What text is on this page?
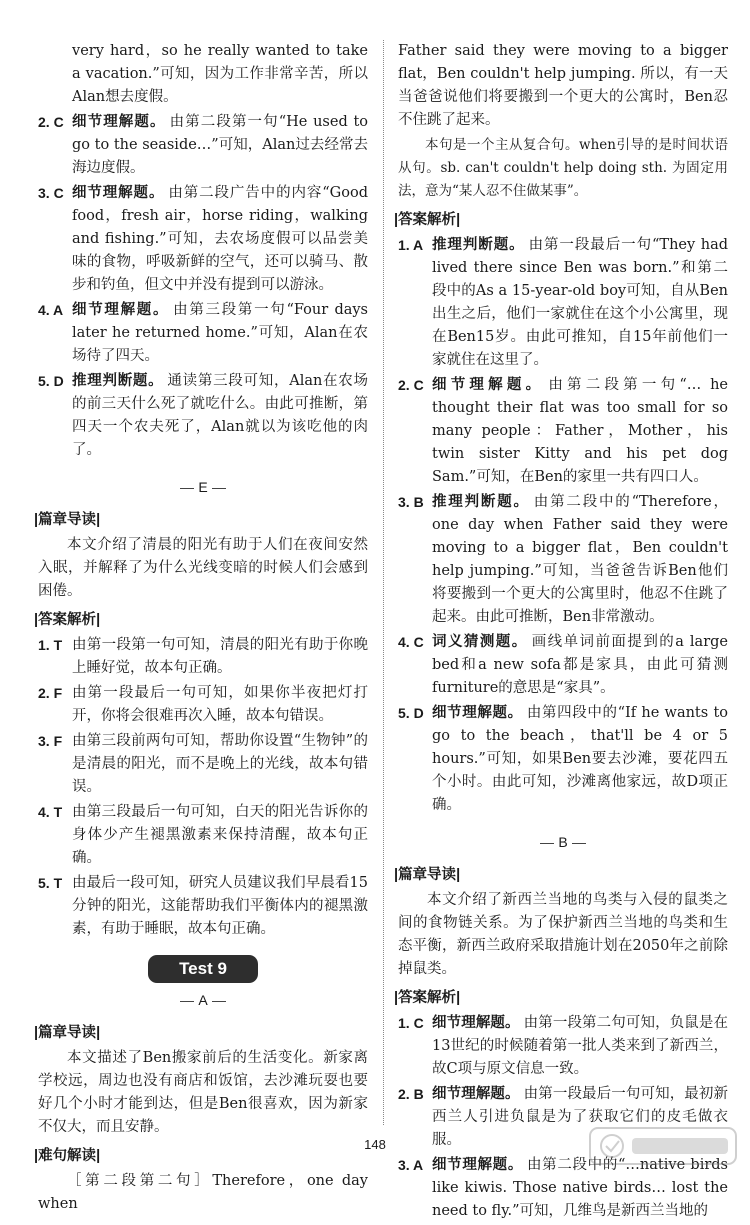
very hard，so he really wanted to take a vacation.”可知，因为工作非常辛苦，所以Alan想去度假。

2. C 细节理解题。 由第二段第一句“He used to go to the seaside…”可知，Alan过去经常去海边度假。
3. C 细节理解题。 由第二段广告中的内容“Good food，fresh air，horse riding，walking and fishing.”可知，去农场度假可以品尝美味的食物，呼吸新鲜的空气，还可以骑马、散步和钓鱼，但文中并没有提到可以游泳。
4. A 细节理解题。 由第三段第一句“Four days later he returned home.”可知，Alan在农场待了四天。
5. D 推理判断题。 通读第三段可知，Alan在农场的前三天什么死了就吃什么。由此可推断，第四天一个农夫死了，Alan就以为该吃他的肉了。
E
|篇章导读|

本文介绍了清晨的阳光有助于人们在夜间安然入眠，并解释了为什么光线变暗的时候人们会感到困倦。

|答案解析|
1. T 由第一段第一句可知，清晨的阳光有助于你晚上睡好觉，故本句正确。
2. F 由第一段最后一句可知，如果你半夜把灯打开，你将会很难再次入睡，故本句错误。
3. F 由第三段前两句可知，帮助你设置“生物钟”的是清晨的阳光，而不是晚上的光线，故本句错误。
4. T 由第三段最后一句可知，白天的阳光告诉你的身体少产生褪黑激素来保持清醒，故本句正确。
5. T 由最后一段可知，研究人员建议我们早晨看15分钟的阳光，这能帮助我们平衡体内的褪黑激素，有助于睡眠，故本句正确。
Test 9
A
|篇章导读|

本文描述了Ben搬家前后的生活变化。新家离学校远，周边也没有商店和饭馆，去沙滩玩耍也要好几个小时才能到达，但是Ben很喜欢，因为新家不仅大，而且安静。

|难句解读|

［第二段第二句］Therefore，one day when

Father said they were moving to a bigger flat，Ben couldn't help jumping. 所以，有一天当爸爸说他们将要搬到一个更大的公寓时，Ben忍不住跳了起来。

本句是一个主从复合句。when引导的是时间状语从句。sb. can't couldn't help doing sth. 为固定用法，意为“某人忍不住做某事”。

|答案解析|
1. A 推理判断题。 由第一段最后一句“They had lived there since Ben was born.”和第二段中的As a 15-year-old boy可知，自从Ben出生之后，他们一家就住在这个小公寓里，现在Ben15岁。由此可推知，自15年前他们一家就住在这里了。
2. C 细节理解题。 由第二段第一句“… he thought their flat was too small for so many people：Father，Mother，his twin sister Kitty and his pet dog Sam.”可知，在Ben的家里一共有四口人。
3. B 推理判断题。 由第二段中的“Therefore，one day when Father said they were moving to a bigger flat，Ben couldn't help jumping.”可知，当爸爸告诉Ben他们将要搬到一个更大的公寓里时，他忍不住跳了起来。由此可推断，Ben非常激动。
4. C 词义猜测题。 画线单词前面提到的a large bed和a new sofa都是家具，由此可猜测furniture的意思是“家具”。
5. D 细节理解题。 由第四段中的“If he wants to go to the beach，that'll be 4 or 5 hours.”可知，如果Ben要去沙滩，要花四五个小时。由此可知，沙滩离他家远，故D项正确。
B
|篇章导读|

本文介绍了新西兰当地的鸟类与入侵的鼠类之间的食物链关系。为了保护新西兰当地的鸟类和生态平衡，新西兰政府采取措施计划在2050年之前除掉鼠类。

|答案解析|
1. C 细节理解题。 由第一段第二句可知，负鼠是在13世纪的时候随着第一批人类来到了新西兰，故C项与原文信息一致。
2. B 细节理解题。 由第一段最后一句可知，最初新西兰人引进负鼠是为了获取它们的皮毛做衣服。
3. A 细节理解题。 由第二段中的“…native birds like kiwis. Those native birds… lost the need to fly.”可知，几维鸟是新西兰当地的
148
